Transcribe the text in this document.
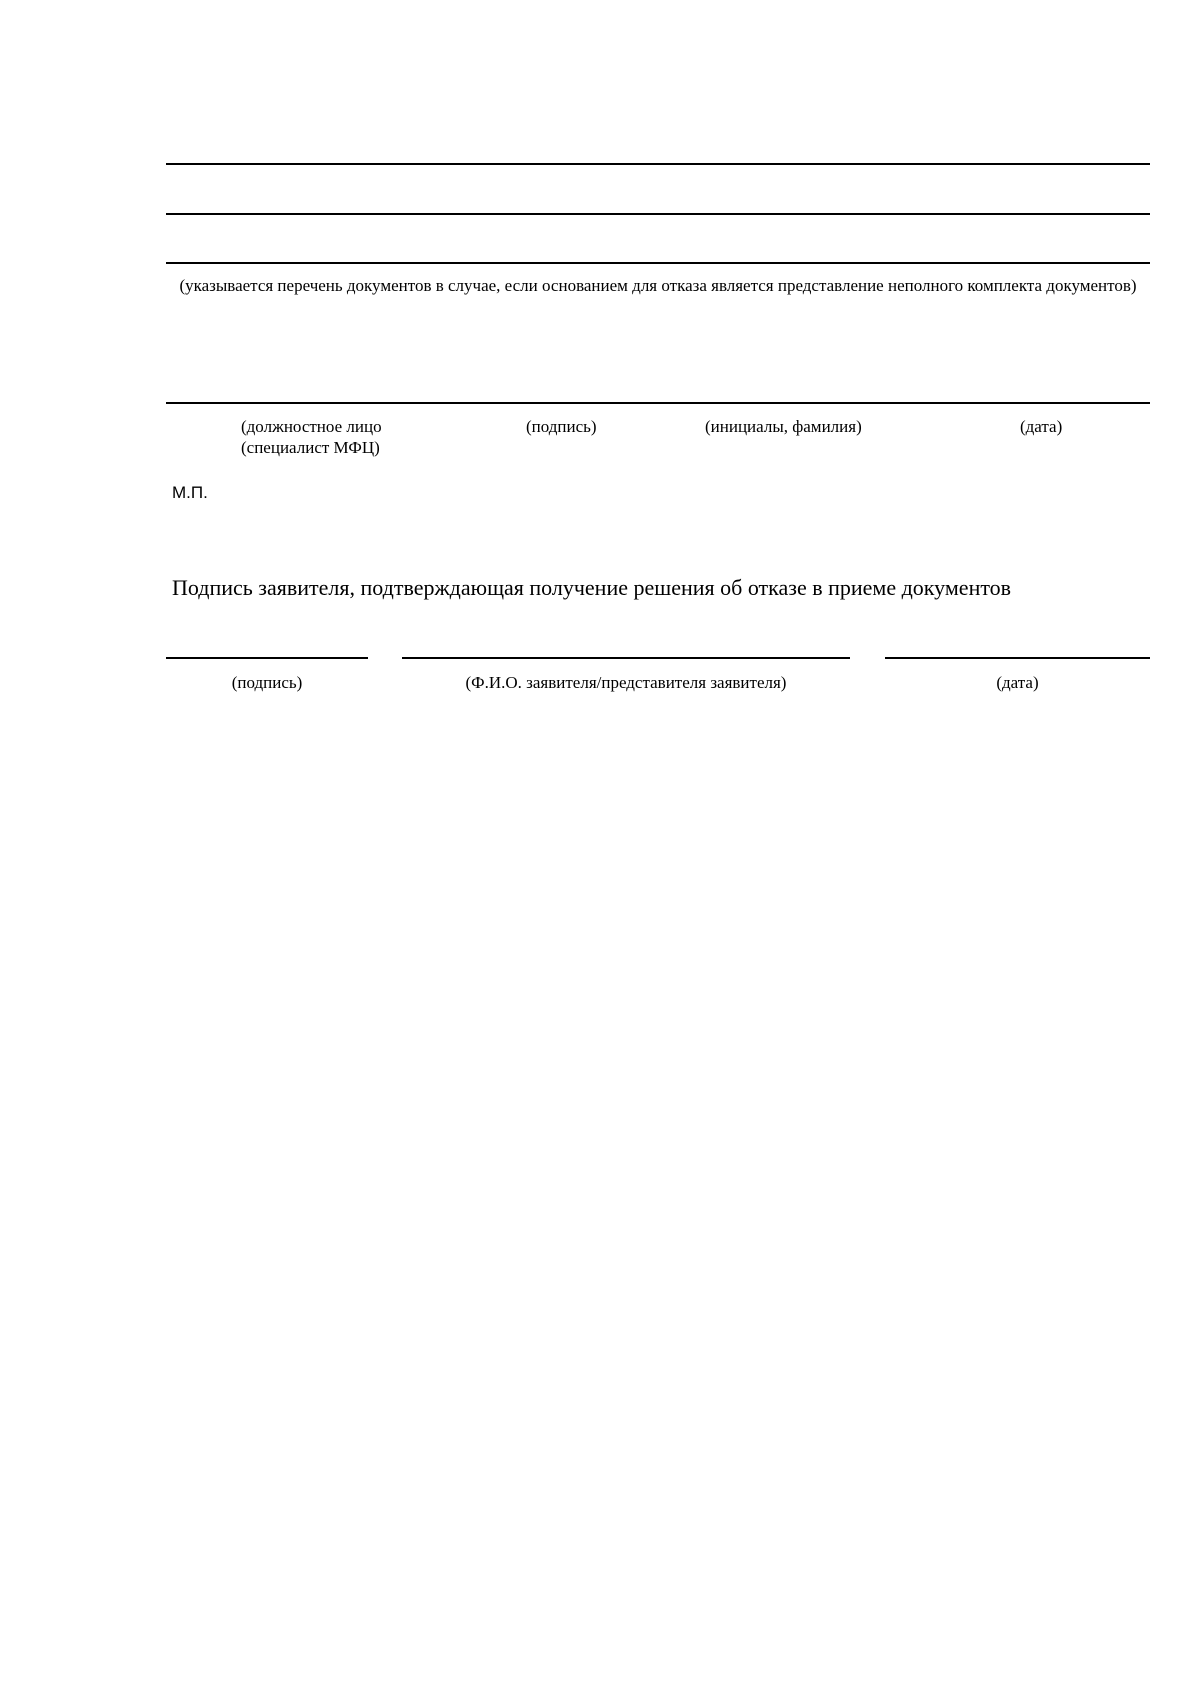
(указывается перечень документов в случае, если основанием для отказа является представление неполного комплекта документов)
(должностное лицо
(специалист МФЦ)
(подпись)	(инициалы, фамилия)	(дата)
М.П.
Подпись заявителя, подтверждающая получение решения об отказе в приеме документов
(подпись)	(Ф.И.О. заявителя/представителя заявителя)	(дата)
